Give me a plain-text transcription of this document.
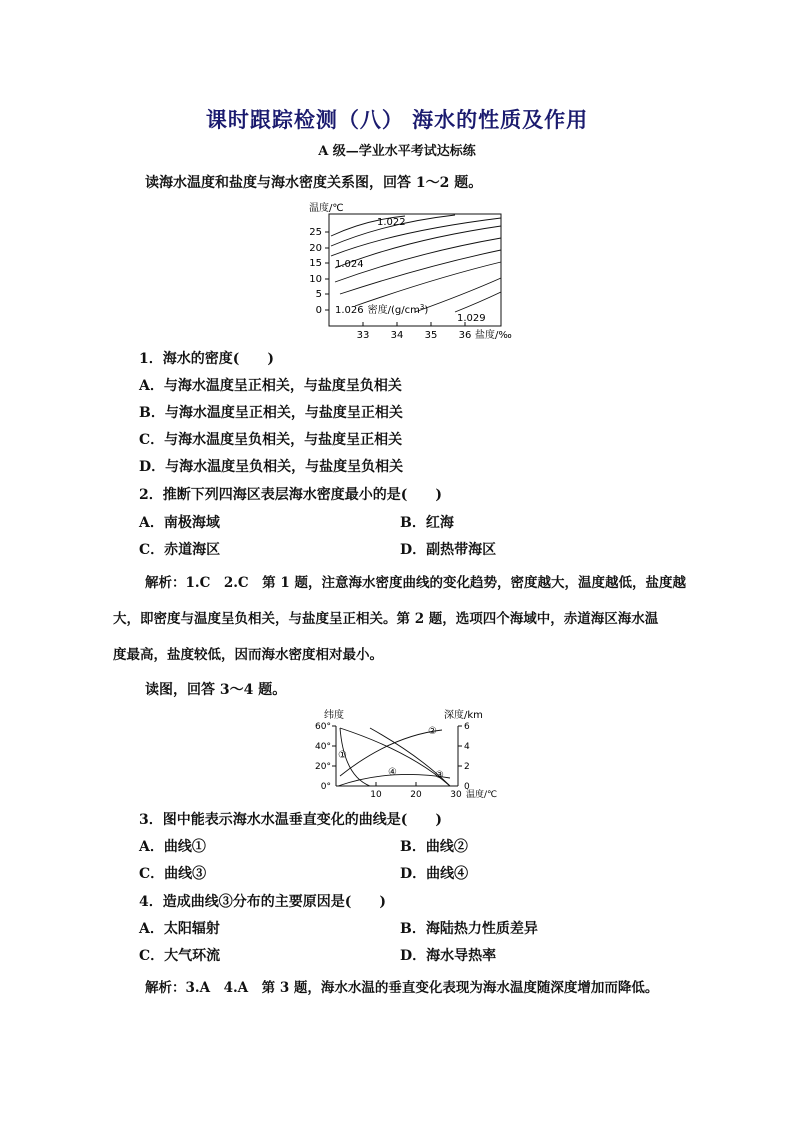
课时跟踪检测（八） 海水的性质及作用
A 级—学业水平考试达标练
读海水温度和盐度与海水密度关系图，回答 1～2 题。
温度/℃
25
20
15
10
5
0
1.022
1.024
1.026 密度$/(g/cm^3)$
1.029
33 34 35 36 盐度/‰
1．海水的密度(　　)
A．与海水温度呈正相关，与盐度呈负相关
B．与海水温度呈正相关，与盐度呈正相关
C．与海水温度呈负相关，与盐度呈正相关
D．与海水温度呈负相关，与盐度呈负相关
2．推断下列四海区表层海水密度最小的是(　　)
A．南极海域	B．红海
C．赤道海区	D．副热带海区
解析：1.C　2.C　第 1 题，注意海水密度曲线的变化趋势，密度越大，温度越低，盐度越
大，即密度与温度呈负相关，与盐度呈正相关。第 2 题，选项四个海域中，赤道海区海水温
度最高，盐度较低，因而海水密度相对最小。
读图，回答 3～4 题。
纬度	深度/km
60°
40°
20°
0°
6
4
2
0
①
②
③
④
10	20	30 温度/℃
3．图中能表示海水水温垂直变化的曲线是(　　)
A．曲线①	B．曲线②
C．曲线③	D．曲线④
4．造成曲线③分布的主要原因是(　　)
A．太阳辐射	B．海陆热力性质差异
C．大气环流	D．海水导热率
解析：3.A　4.A　第 3 题，海水水温的垂直变化表现为海水温度随深度增加而降低。
